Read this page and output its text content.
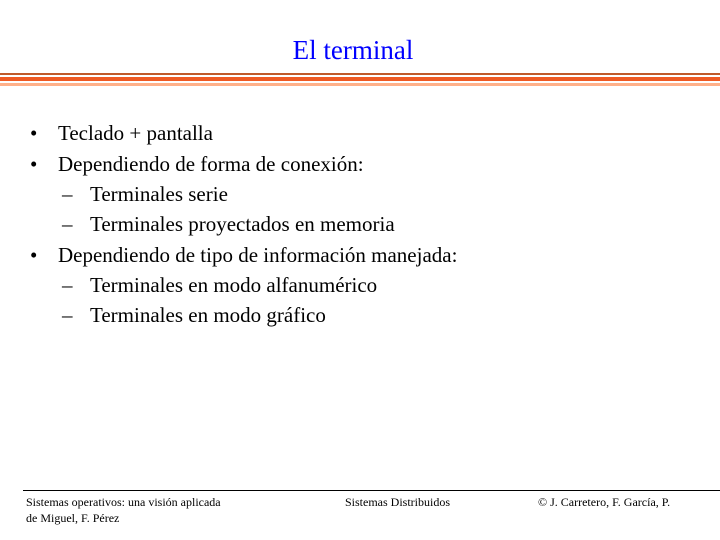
El terminal
• Teclado + pantalla
• Dependiendo de forma de conexión:
– Terminales serie
– Terminales proyectados en memoria
• Dependiendo de tipo de información manejada:
– Terminales en modo alfanumérico
– Terminales en modo gráfico
Sistemas operativos: una visión aplicada
de Miguel, F. Pérez
Sistemas Distribuidos	© J. Carretero, F. García, P.
